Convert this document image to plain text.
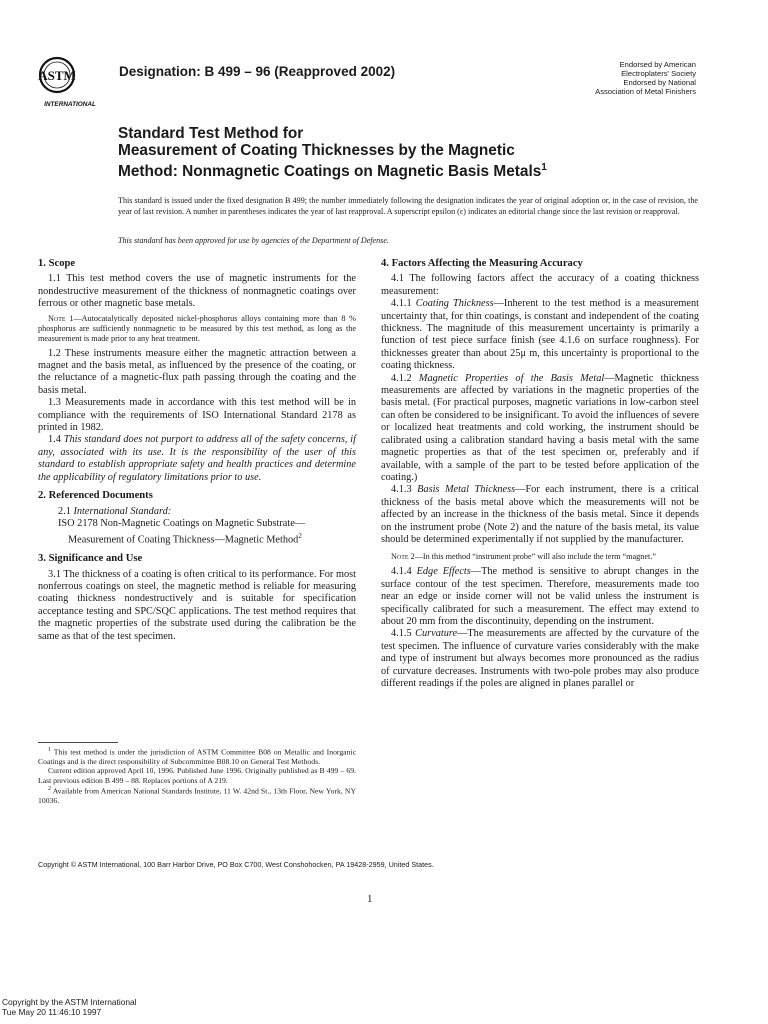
ASTM
INTERNATIONAL
Designation: B 499 – 96 (Reapproved 2002)	Endorsed by American
Electroplaters' Society
Endorsed by National
Association of Metal Finishers
Standard Test Method for
Measurement of Coating Thicknesses by the Magnetic
Method: Nonmagnetic Coatings on Magnetic Basis Metals$^1$
This standard is issued under the fixed designation B 499; the number immediately following the designation indicates the year of original adoption or, in the case of revision, the year of last revision. A number in parentheses indicates the year of last reapproval. A superscript epsilon (ε) indicates an editorial change since the last revision or reapproval.
This standard has been approved for use by agencies of the Department of Defense.
1. Scope

1.1 This test method covers the use of magnetic instruments for the nondestructive measurement of the thickness of nonmagnetic coatings over ferrous or other magnetic base metals.

Note 1—Autocatalytically deposited nickel-phosphorus alloys containing more than 8 % phosphorus are sufficiently nonmagnetic to be measured by this test method, as long as the measurement is made prior to any heat treatment.

1.2 These instruments measure either the magnetic attraction between a magnet and the basis metal, as influenced by the presence of the coating, or the reluctance of a magnetic-flux path passing through the coating and the basis metal.

1.3 Measurements made in accordance with this test method will be in compliance with the requirements of ISO International Standard 2178 as printed in 1982.

1.4 This standard does not purport to address all of the safety concerns, if any, associated with its use. It is the responsibility of the user of this standard to establish appropriate safety and health practices and determine the applicability of regulatory limitations prior to use.

2. Referenced Documents

2.1 International Standard:

ISO 2178 Non-Magnetic Coatings on Magnetic Substrate—

Measurement of Coating Thickness—Magnetic Method$^2$

3. Significance and Use

3.1 The thickness of a coating is often critical to its performance. For most nonferrous coatings on steel, the magnetic method is reliable for measuring coating thickness nondestructively and is suitable for specification acceptance testing and SPC/SQC applications. The test method requires that the magnetic properties of the substrate used during the calibration be the same as that of the test specimen.

$^1$ This test method is under the jurisdiction of ASTM Committee B08 on Metallic and Inorganic Coatings and is the direct responsibility of Subcommittee B08.10 on General Test Methods.

Current edition approved April 10, 1996. Published June 1996. Originally published as B 499 – 69. Last previous edition B 499 – 88. Replaces portions of A 219.

$^2$ Available from American National Standards Institute, 11 W. 42nd St., 13th Floor, New York, NY 10036.

4. Factors Affecting the Measuring Accuracy

4.1 The following factors affect the accuracy of a coating thickness measurement:

4.1.1 Coating Thickness—Inherent to the test method is a measurement uncertainty that, for thin coatings, is constant and independent of the coating thickness. The magnitude of this measurement uncertainty is primarily a function of test piece surface finish (see 4.1.6 on surface roughness). For thicknesses greater than about 25μ m, this uncertainty is proportional to the coating thickness.

4.1.2 Magnetic Properties of the Basis Metal—Magnetic thickness measurements are affected by variations in the magnetic properties of the basis metal. (For practical purposes, magnetic variations in low-carbon steel can often be considered to be insignificant. To avoid the influences of severe or localized heat treatments and cold working, the instrument should be calibrated using a calibration standard having a basis metal with the same magnetic properties as that of the test specimen or, preferably and if available, with a sample of the part to be tested before application of the coating.)

4.1.3 Basis Metal Thickness—For each instrument, there is a critical thickness of the basis metal above which the measurements will not be affected by an increase in the thickness of the basis metal. Since it depends on the instrument probe (Note 2) and the nature of the basis metal, its value should be determined experimentally if not supplied by the manufacturer.

Note 2—In this method “instrument probe” will also include the term “magnet.”

4.1.4 Edge Effects—The method is sensitive to abrupt changes in the surface contour of the test specimen. Therefore, measurements made too near an edge or inside corner will not be valid unless the instrument is specifically calibrated for such a measurement. The effect may extend to about 20 mm from the discontinuity, depending on the instrument.

4.1.5 Curvature—The measurements are affected by the curvature of the test specimen. The influence of curvature varies considerably with the make and type of instrument but always becomes more pronounced as the radius of curvature decreases. Instruments with two-pole probes may also produce different readings if the poles are aligned in planes parallel or

Copyright © ASTM International, 100 Barr Harbor Drive, PO Box C700, West Conshohocken, PA 19428-2959, United States.
1
Copyright by the ASTM International
Tue May 20 11:46:10 1997
